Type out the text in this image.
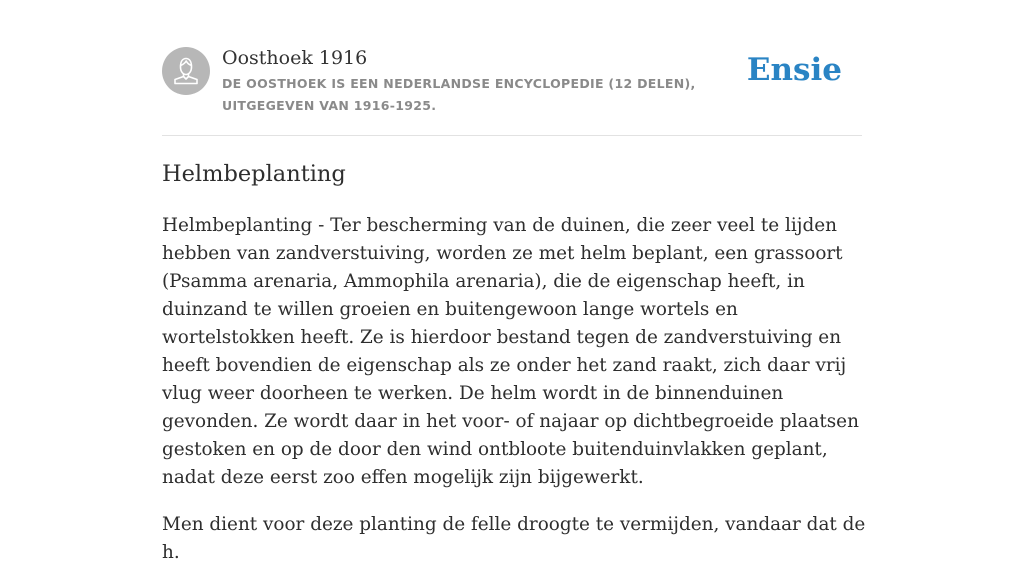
Oosthoek 1916

DE OOSTHOEK IS EEN NEDERLANDSE ENCYCLOPEDIE (12 DELEN), UITGEGEVEN VAN 1916-1925.

Ensie
Helmbeplanting

Helmbeplanting - Ter bescherming van de duinen, die zeer veel te lijden hebben van zandverstuiving, worden ze met helm beplant, een grassoort (Psamma arenaria, Ammophila arenaria), die de eigenschap heeft, in duinzand te willen groeien en buitengewoon lange wortels en wortelstokken heeft. Ze is hierdoor bestand tegen de zandverstuiving en heeft bovendien de eigenschap als ze onder het zand raakt, zich daar vrij vlug weer doorheen te werken. De helm wordt in de binnenduinen gevonden. Ze wordt daar in het voor- of najaar op dichtbegroeide plaatsen gestoken en op de door den wind ontbloote buitenduinvlakken geplant, nadat deze eerst zoo effen mogelijk zijn bijgewerkt.

Men dient voor deze planting de felle droogte te vermijden, vandaar dat de h.
